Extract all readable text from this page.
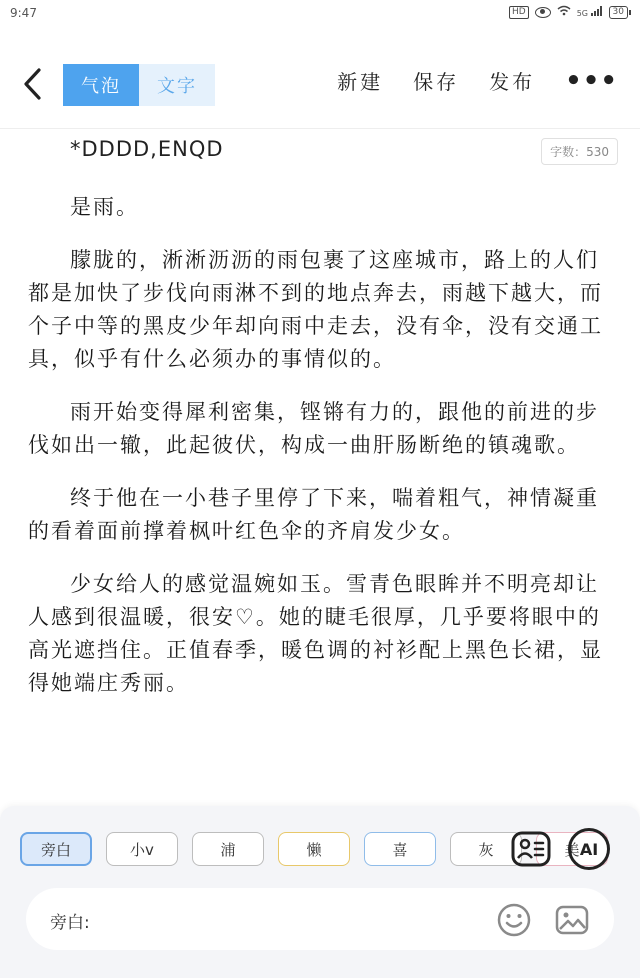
9:47	HD	5G	30
气泡	文字	新建 保存 发布 •••
*DDDD,ENQD	字数：530

是雨。

朦胧的，淅淅沥沥的雨包裹了这座城市，路上的人们都是加快了步伐向雨淋不到的地点奔去，雨越下越大，而个子中等的黑皮少年却向雨中走去，没有伞，没有交通工具，似乎有什么必须办的事情似的。

雨开始变得犀利密集，铿锵有力的，跟他的前进的步伐如出一辙，此起彼伏，构成一曲肝肠断绝的镇魂歌。

终于他在一小巷子里停了下来，喘着粗气，神情凝重的看着面前撑着枫叶红色伞的齐肩发少女。

少女给人的感觉温婉如玉。雪青色眼眸并不明亮却让人感到很温暖，很安♡。她的睫毛很厚，几乎要将眼中的高光遮挡住。正值春季，暖色调的衬衫配上黑色长裙，显得她端庄秀丽。

旁白	小v	浦	懒	喜	灰	美 AI
旁白:
